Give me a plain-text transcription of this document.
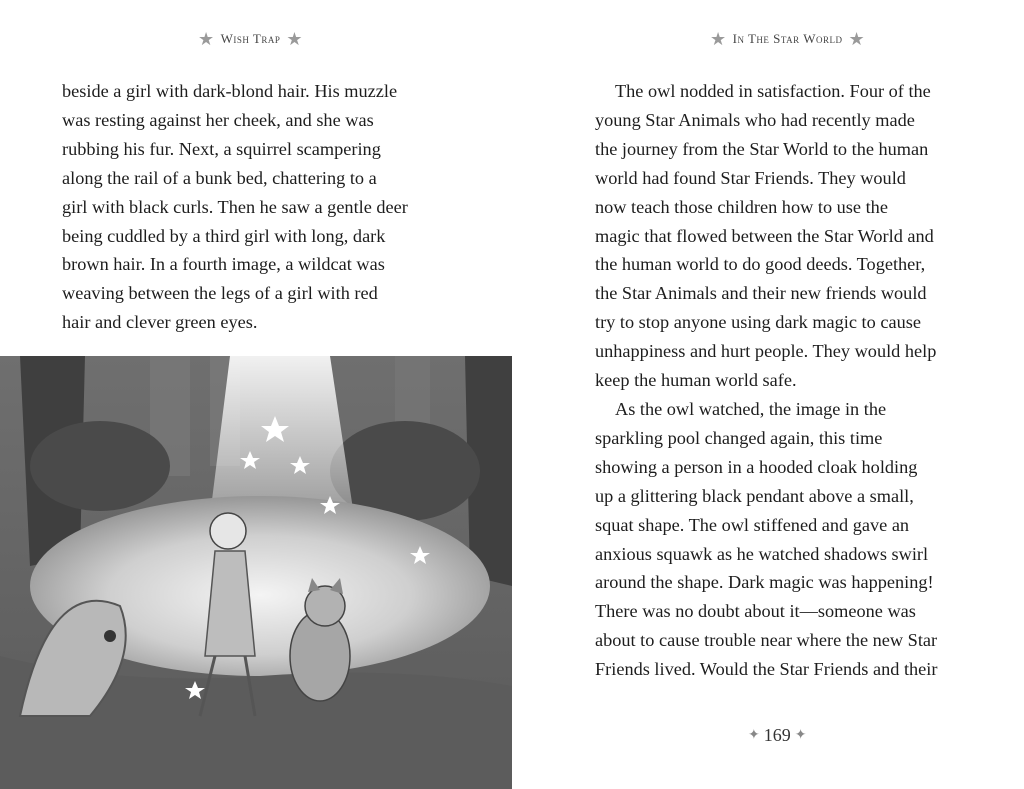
★ Wish Trap ★
beside a girl with dark-blond hair. His muzzle
was resting against her cheek, and she was
rubbing his fur. Next, a squirrel scampering
along the rail of a bunk bed, chattering to a
girl with black curls. Then he saw a gentle deer
being cuddled by a third girl with long, dark
brown hair. In a fourth image, a wildcat was
weaving between the legs of a girl with red
hair and clever green eyes.
★ In The Star World ★
The owl nodded in satisfaction. Four of the
young Star Animals who had recently made
the journey from the Star World to the human
world had found Star Friends. They would
now teach those children how to use the
magic that flowed between the Star World and
the human world to do good deeds. Together,
the Star Animals and their new friends would
try to stop anyone using dark magic to cause
unhappiness and hurt people. They would help
keep the human world safe.
As the owl watched, the image in the
sparkling pool changed again, this time
showing a person in a hooded cloak holding
up a glittering black pendant above a small,
squat shape. The owl stiffened and gave an
anxious squawk as he watched shadows swirl
around the shape. Dark magic was happening!
There was no doubt about it—someone was
about to cause trouble near where the new Star
Friends lived. Would the Star Friends and their
✦ 169 ✦
